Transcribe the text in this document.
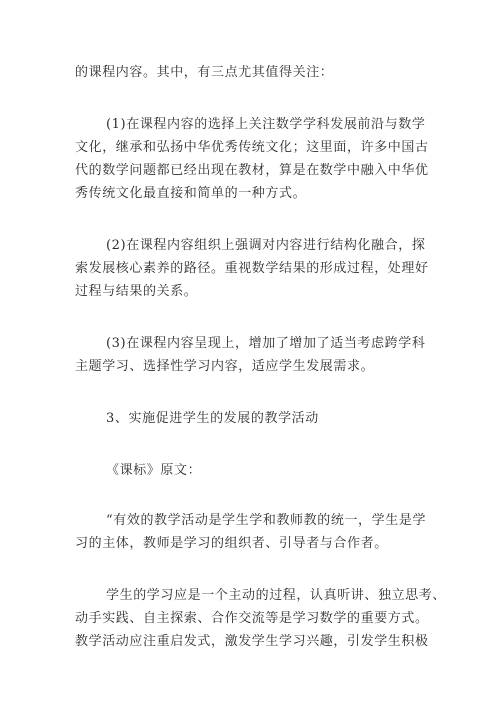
的课程内容。其中，有三点尤其值得关注：
(1)在课程内容的选择上关注数学学科发展前沿与数学
文化，继承和弘扬中华优秀传统文化；这里面，许多中国古
代的数学问题都已经出现在教材，算是在数学中融入中华优
秀传统文化最直接和简单的一种方式。
(2)在课程内容组织上强调对内容进行结构化融合，探
索发展核心素养的路径。重视数学结果的形成过程，处理好
过程与结果的关系。
(3)在课程内容呈现上，增加了增加了适当考虑跨学科
主题学习、选择性学习内容，适应学生发展需求。
3、实施促进学生的发展的教学活动
《课标》原文：
“有效的教学活动是学生学和教师教的统一，学生是学
习的主体，教师是学习的组织者、引导者与合作者。
学生的学习应是一个主动的过程，认真听讲、独立思考、
动手实践、自主探索、合作交流等是学习数学的重要方式。
教学活动应注重启发式，激发学生学习兴趣，引发学生积极
